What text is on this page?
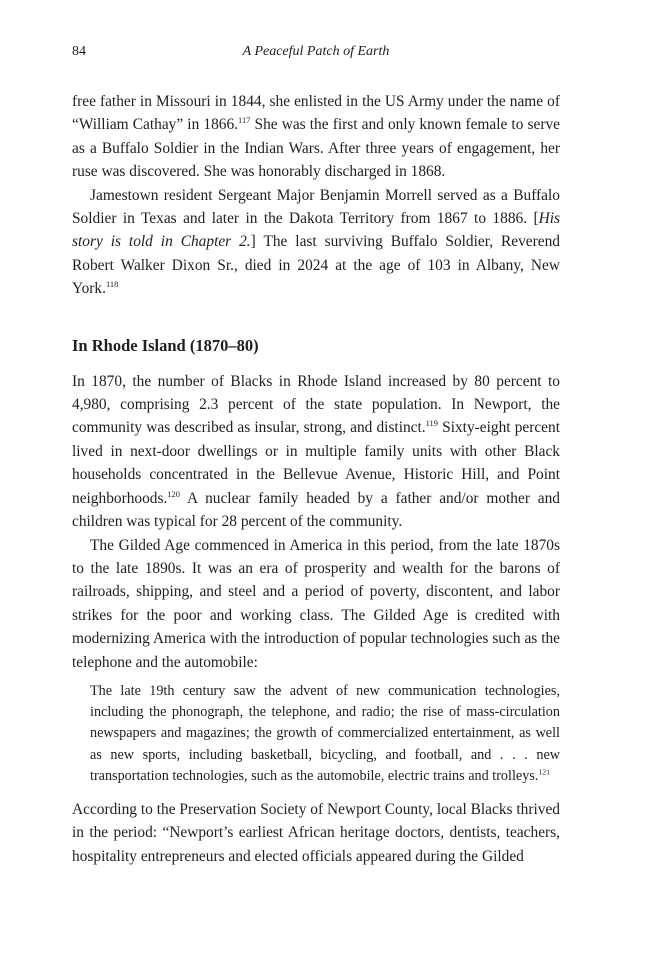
84	A Peaceful Patch of Earth

free father in Missouri in 1844, she enlisted in the US Army under the name of “William Cathay” in 1866.$^{117}$ She was the first and only known female to serve as a Buffalo Soldier in the Indian Wars. After three years of engagement, her ruse was discovered. She was honorably discharged in 1868.

Jamestown resident Sergeant Major Benjamin Morrell served as a Buffalo Soldier in Texas and later in the Dakota Territory from 1867 to 1886. [His story is told in Chapter 2.] The last surviving Buffalo Soldier, Reverend Robert Walker Dixon Sr., died in 2024 at the age of 103 in Albany, New York.$^{118}$

In Rhode Island (1870–80)

In 1870, the number of Blacks in Rhode Island increased by 80 percent to 4,980, comprising 2.3 percent of the state population. In Newport, the community was described as insular, strong, and distinct.$^{119}$ Sixty-eight percent lived in next-door dwellings or in multiple family units with other Black households concentrated in the Bellevue Avenue, Historic Hill, and Point neighborhoods.$^{120}$ A nuclear family headed by a father and/or mother and children was typical for 28 percent of the community.

The Gilded Age commenced in America in this period, from the late 1870s to the late 1890s. It was an era of prosperity and wealth for the barons of railroads, shipping, and steel and a period of poverty, discontent, and labor strikes for the poor and working class. The Gilded Age is credited with modernizing America with the introduction of popular technologies such as the telephone and the automobile:

The late 19th century saw the advent of new communication technologies, including the phonograph, the telephone, and radio; the rise of mass-circulation newspapers and magazines; the growth of commercialized entertainment, as well as new sports, including basketball, bicycling, and football, and . . . new transportation technologies, such as the automobile, electric trains and trolleys.$^{121}$

According to the Preservation Society of Newport County, local Blacks thrived in the period: “Newport’s earliest African heritage doctors, dentists, teachers, hospitality entrepreneurs and elected officials appeared during the Gilded
